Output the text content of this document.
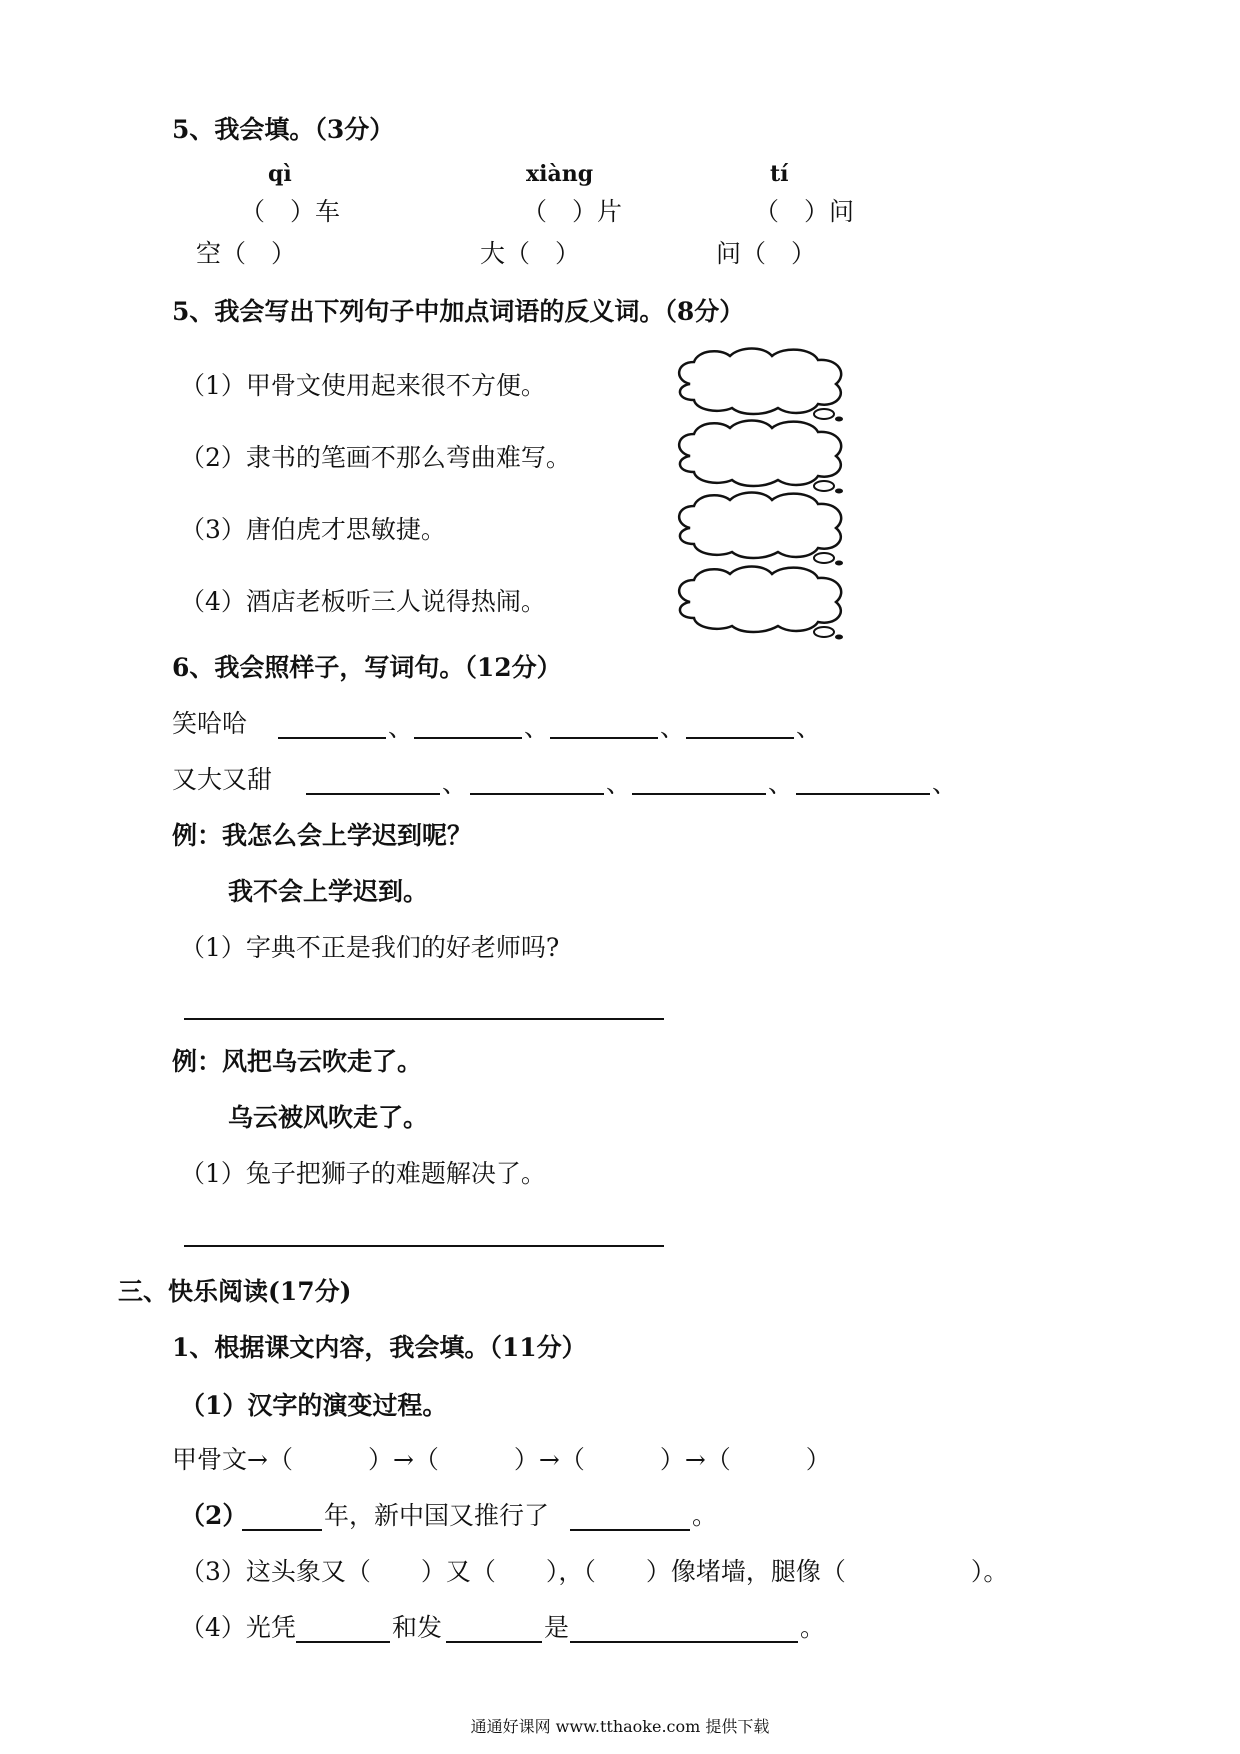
5、我会填。（3分）
qì	xiàng	tí
（　）车	（　）片	（　）问
空（　）	大（　）	问（　）
5、我会写出下列句子中加点词语的反义词。（8分）
（1）甲骨文使用起来很不方便。
（2）隶书的笔画不那么弯曲难写。
（3）唐伯虎才思敏捷。
（4）酒店老板听三人说得热闹。
6、我会照样子，写词句。（12分）
笑哈哈	、	、	、	、
又大又甜	、	、	、	、
例：我怎么会上学迟到呢？
我不会上学迟到。
（1）字典不正是我们的好老师吗?
例：风把乌云吹走了。
乌云被风吹走了。
（1）兔子把狮子的难题解决了。
三、快乐阅读(17分)
1、根据课文内容，我会填。（11分）
（1）汉字的演变过程。
甲骨文→（　　　）→（　　　）→（　　　）→（　　　）
（2）	年，新中国又推行了	。
（3）这头象又（　　）又（　　），（　　）像堵墙，腿像（　　　　　）。
（4）光凭	和发	是	。
通通好课网 www.tthaoke.com 提供下载
